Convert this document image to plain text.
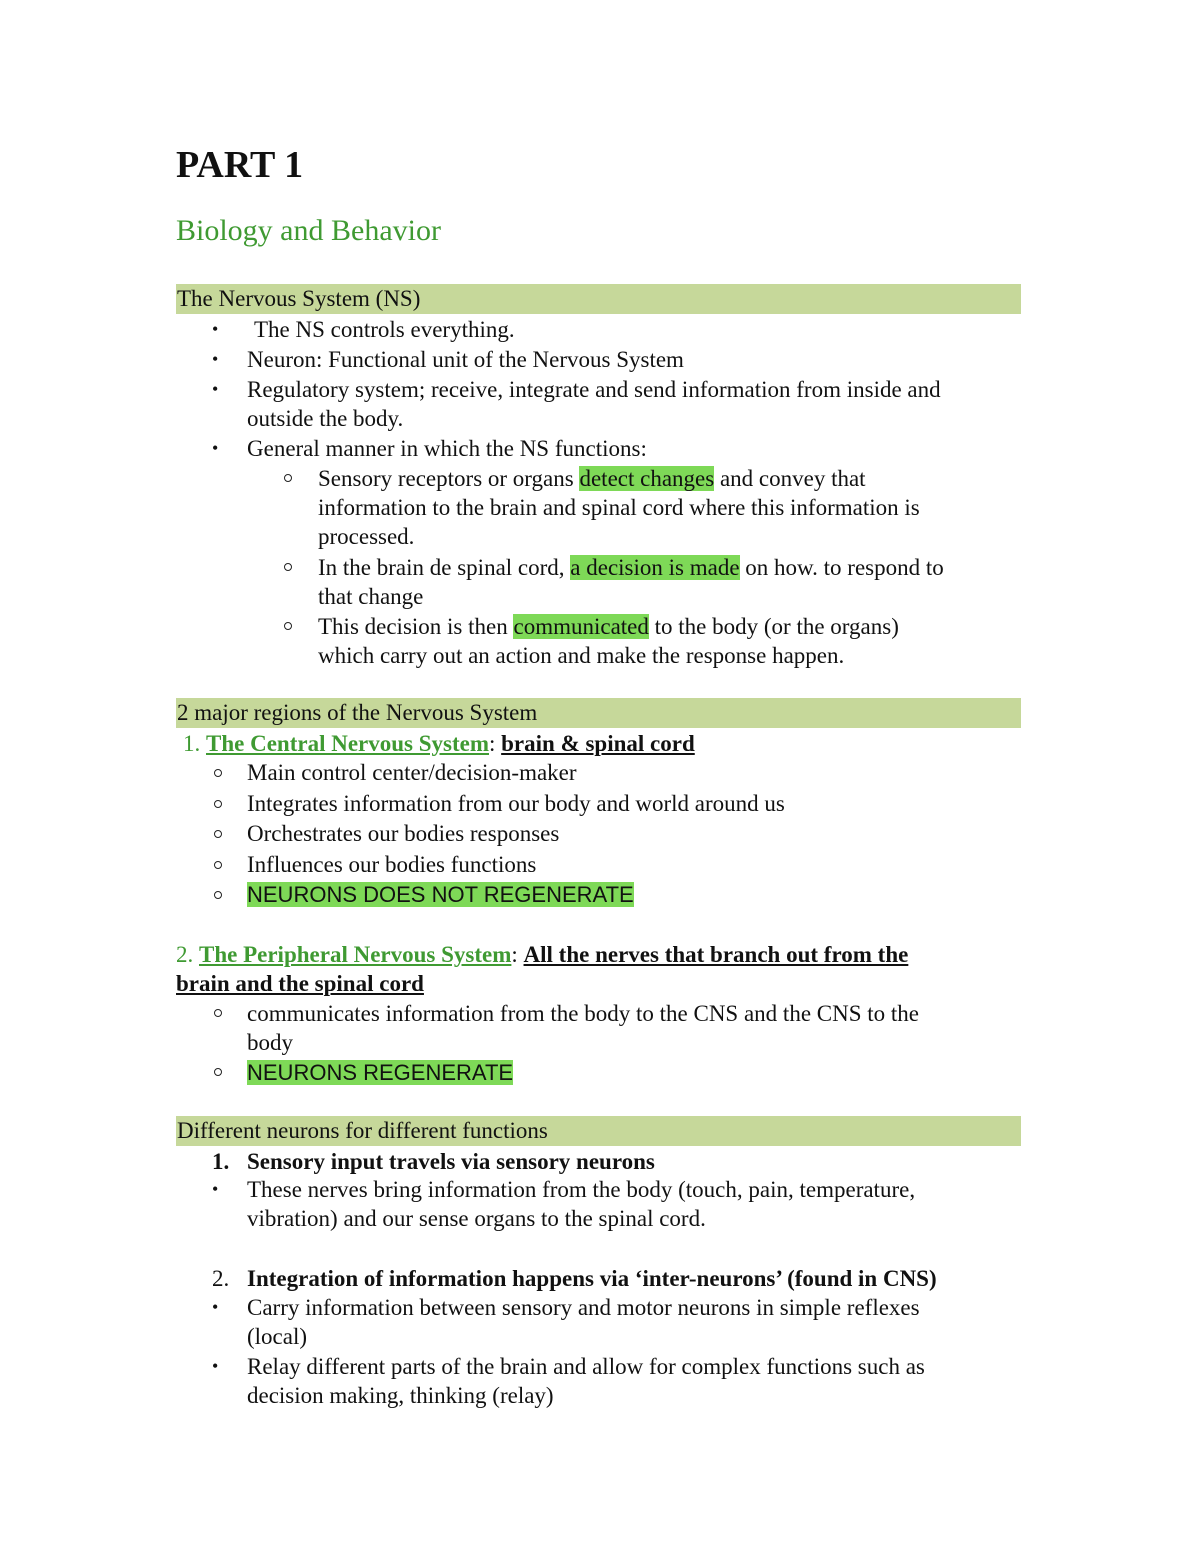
PART 1
Biology and Behavior
The Nervous System (NS)
• The NS controls everything.
• Neuron: Functional unit of the Nervous System
• Regulatory system; receive, integrate and send information from inside and
outside the body.
• General manner in which the NS functions:
Sensory receptors or organs detect changes and convey that
information to the brain and spinal cord where this information is
processed.
In the brain de spinal cord, a decision is made on how. to respond to
that change
This decision is then communicated to the body (or the organs)
which carry out an action and make the response happen.
2 major regions of the Nervous System
1. The Central Nervous System: brain & spinal cord
Main control center/decision-maker
Integrates information from our body and world around us
Orchestrates our bodies responses
Influences our bodies functions
NEURONS DOES NOT REGENERATE
2. The Peripheral Nervous System: All the nerves that branch out from the
brain and the spinal cord
communicates information from the body to the CNS and the CNS to the
body
NEURONS REGENERATE
Different neurons for different functions
1. Sensory input travels via sensory neurons
• These nerves bring information from the body (touch, pain, temperature,
vibration) and our sense organs to the spinal cord.
2. Integration of information happens via ‘inter-neurons’ (found in CNS)
• Carry information between sensory and motor neurons in simple reflexes
(local)
• Relay different parts of the brain and allow for complex functions such as
decision making, thinking (relay)
